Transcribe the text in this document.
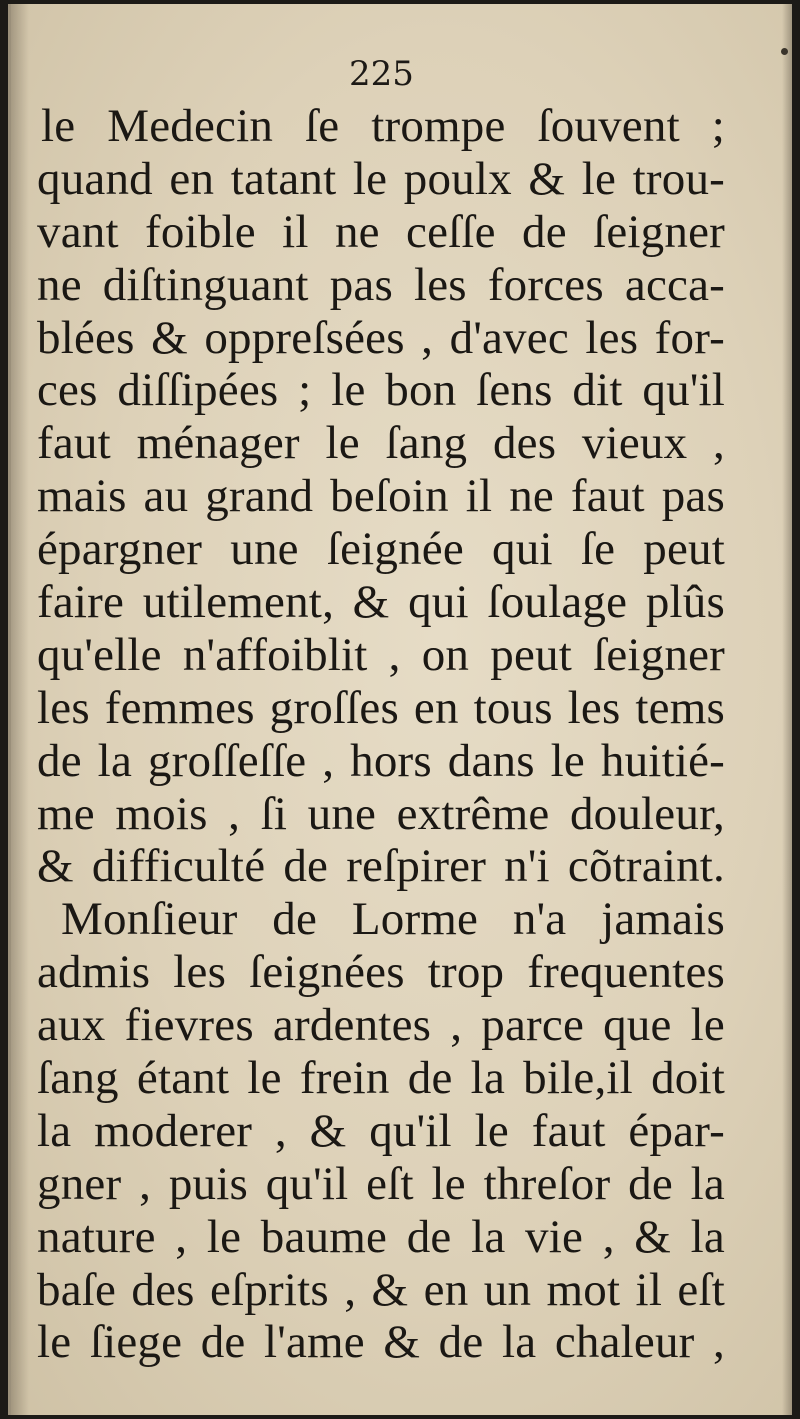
225
le Medecin ſe trompe ſouvent ;
quand en tatant le poulx & le trou-
vant foible il ne ceſſe de ſeigner
ne diſtinguant pas les forces acca-
blées & oppreſsées , d'avec les for-
ces diſſipées ; le bon ſens dit qu'il
faut ménager le ſang des vieux ,
mais au grand beſoin il ne faut pas
épargner une ſeignée qui ſe peut
faire utilement, & qui ſoulage plûs
qu'elle n'affoiblit , on peut ſeigner
les femmes groſſes en tous les tems
de la groſſeſſe , hors dans le huitié-
me mois , ſi une extrême douleur,
& difficulté de reſpirer n'i cõtraint.
Monſieur de Lorme n'a jamais
admis les ſeignées trop frequentes
aux fievres ardentes , parce que le
ſang étant le frein de la bile,il doit
la moderer , & qu'il le faut épar-
gner , puis qu'il eſt le threſor de la
nature , le baume de la vie , & la
baſe des eſprits , & en un mot il eſt
le ſiege de l'ame & de la chaleur ,
